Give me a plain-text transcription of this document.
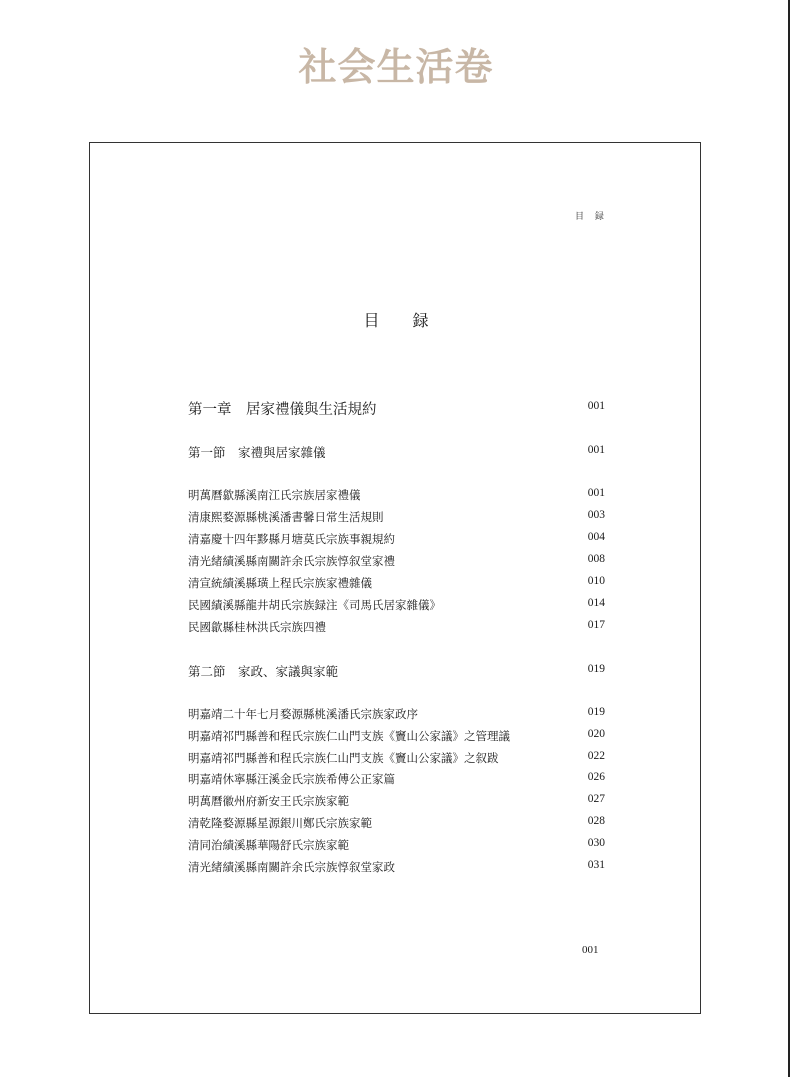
社会生活卷
目 録
目 録
第一章　居家禮儀與生活規約	001
第一節　家禮與居家雜儀	001
明萬曆歙縣溪南江氏宗族居家禮儀	001
清康熙婺源縣桃溪潘書馨日常生活規則	003
清嘉慶十四年黟縣月塘莫氏宗族事親規約	004
清光緒績溪縣南關許余氏宗族惇叙堂家禮	008
清宣統績溪縣璜上程氏宗族家禮雜儀	010
民國績溪縣龍井胡氏宗族録注《司馬氏居家雜儀》	014
民國歙縣桂林洪氏宗族四禮	017
第二節　家政、家議與家範	019
明嘉靖二十年七月婺源縣桃溪潘氏宗族家政序	019
明嘉靖祁門縣善和程氏宗族仁山門支族《竇山公家議》之管理議	020
明嘉靖祁門縣善和程氏宗族仁山門支族《竇山公家議》之叙跋	022
明嘉靖休寧縣汪溪金氏宗族希傅公正家篇	026
明萬曆徽州府新安王氏宗族家範	027
清乾隆婺源縣星源銀川鄭氏宗族家範	028
清同治績溪縣華陽舒氏宗族家範	030
清光緒績溪縣南關許余氏宗族惇叙堂家政	031
001
